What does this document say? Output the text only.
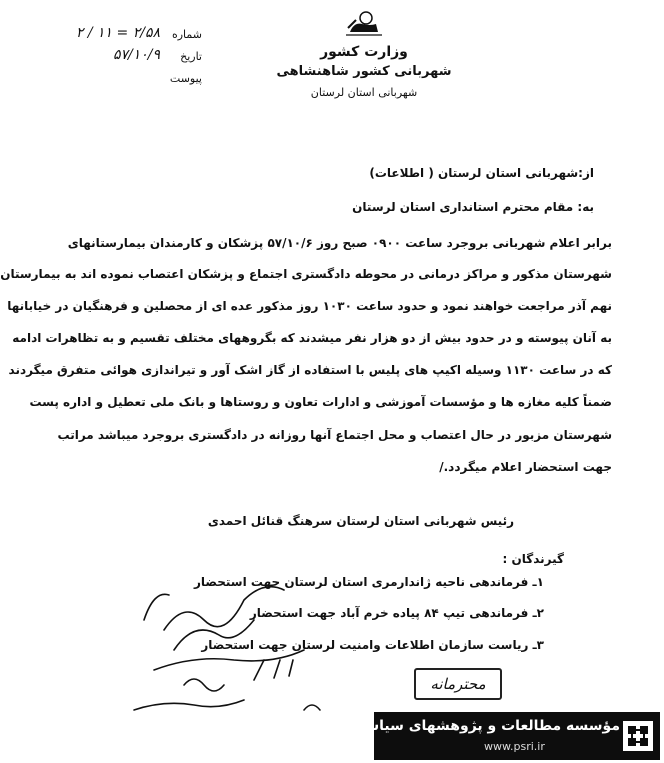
شماره
۲/۵۸ = ۱۱ / ۲
تاریخ
۵۷/۱۰/۹
پیوست
وزارت کشور
شهربانی کشور شاهنشاهی
شهربانی استان لرستان
از:شهربانی استان لرستان ( اطلاعات)
به: مقام محترم استانداری استان لرستان
برابر اعلام شهربانی بروجرد ساعت ۰۹۰۰ صبح روز ۵۷/۱۰/۶ پزشکان و کارمندان بیمارستانهای
شهرستان مذکور و مراکز درمانی در محوطه دادگستری اجتماع و پزشکان اعتصاب نموده اند به بیمارستان
نهم آذر مراجعت خواهند نمود و حدود ساعت ۱۰۳۰ روز مذکور عده ای از محصلین و فرهنگیان در خیابانها
به آنان پیوسته و در حدود بیش از دو هزار نفر میشدند که بگروههای مختلف تقسیم و به تظاهرات ادامه
که در ساعت ۱۱۳۰ وسیله اکیپ های پلیس با استفاده از گاز اشک آور و تیراندازی هوائی متفرق میگردند
ضمناً کلیه مغازه ها و مؤسسات آموزشی و ادارات تعاون و روستاها و بانک ملی تعطیل و اداره پست
شهرستان مزبور در حال اعتصاب و محل اجتماع آنها روزانه در دادگستری بروجرد میباشد مراتب
جهت استحضار اعلام میگردد./
رئیس شهربانی استان لرستان سرهنگ قنائل احمدی
گیرندگان :
۱ـ فرماندهی ناحیه ژاندارمری استان لرستان جهت استحضار
۲ـ فرماندهی تیپ ۸۴ پیاده خرم آباد جهت استحضار
۳ـ ریاست سازمان اطلاعات وامنیت لرستان جهت استحضار
محترمانه
مؤسسه مطالعات و پژوهشهای سیاسی
www.psri.ir
